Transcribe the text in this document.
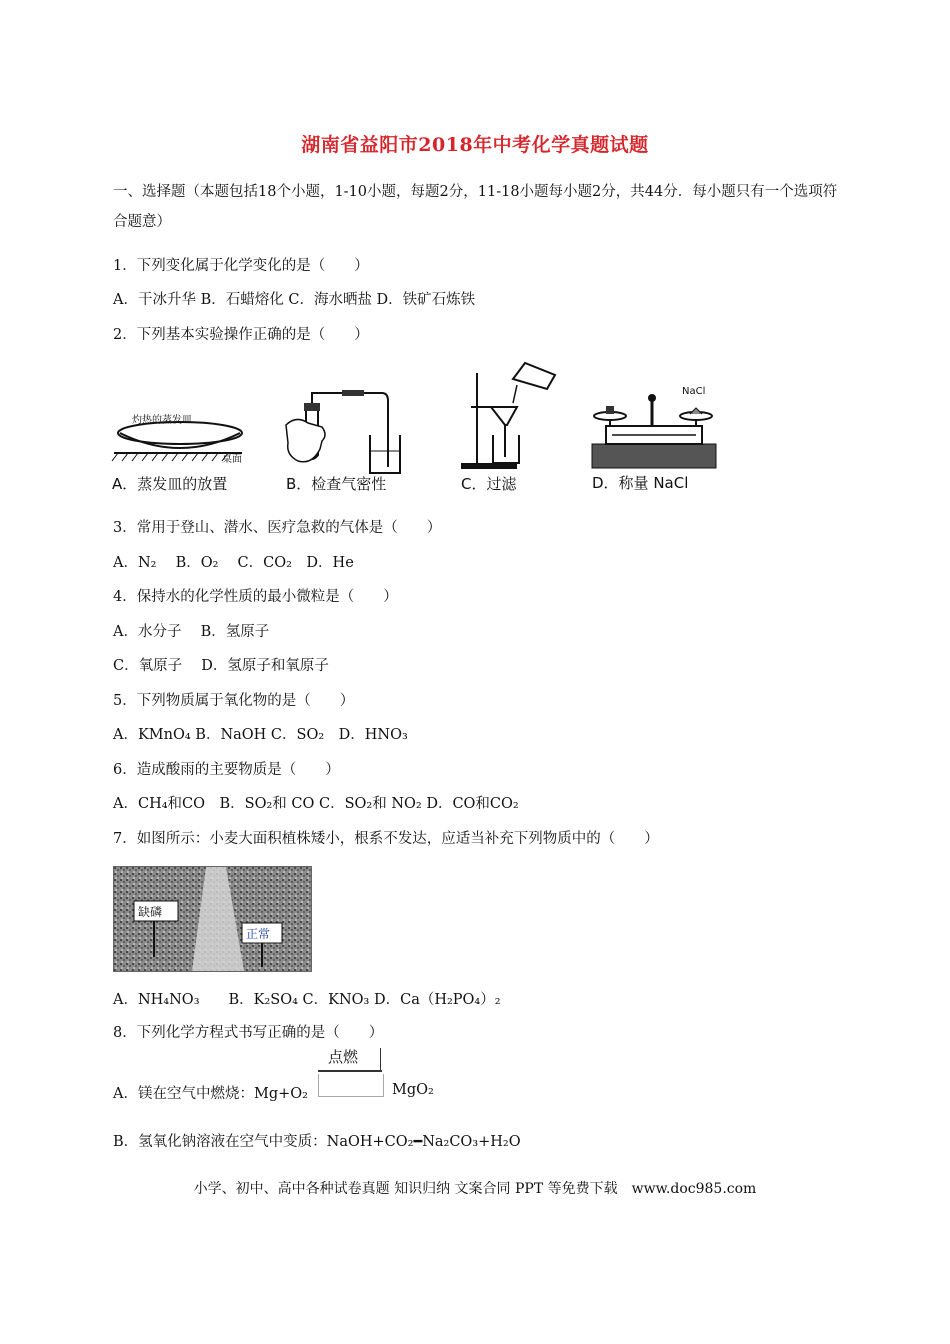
湖南省益阳市2018年中考化学真题试题
一、选择题（本题包括18个小题，1-10小题，每题2分，11-18小题每小题2分，共44分．每小题只有一个选项符合题意）
1．下列变化属于化学变化的是（　　）
A．干冰升华 B．石蜡熔化 C．海水晒盐 D．铁矿石炼铁
2．下列基本实验操作正确的是（　　）
灼热的蒸发皿
桌面
A．蒸发皿的放置	B．检查气密性	C．过滤
NaCl
D．称量 NaCl
3．常用于登山、潜水、医疗急救的气体是（　　）
A．N₂　 B．O₂　 C．CO₂　D．He
4．保持水的化学性质的最小微粒是（　　）
A．水分子　 B．氢原子
C．氧原子　 D．氢原子和氧原子
5．下列物质属于氧化物的是（　　）
A．KMnO₄ B．NaOH C．SO₂　D．HNO₃
6．造成酸雨的主要物质是（　　）
A．CH₄和CO　B．SO₂和 CO C．SO₂和 NO₂ D．CO和CO₂
7．如图所示：小麦大面积植株矮小，根系不发达，应适当补充下列物质中的（　　）
缺磷
正常
A．NH₄NO₃　　B．K₂SO₄ C．KNO₃ D．Ca（H₂PO₄）₂
8．下列化学方程式书写正确的是（　　）
A．镁在空气中燃烧：Mg+O₂
点燃
MgO₂
B．氢氧化钠溶液在空气中变质：NaOH+CO₂━Na₂CO₃+H₂O
小学、初中、高中各种试卷真题 知识归纳 文案合同 PPT 等免费下载　www.doc985.com
